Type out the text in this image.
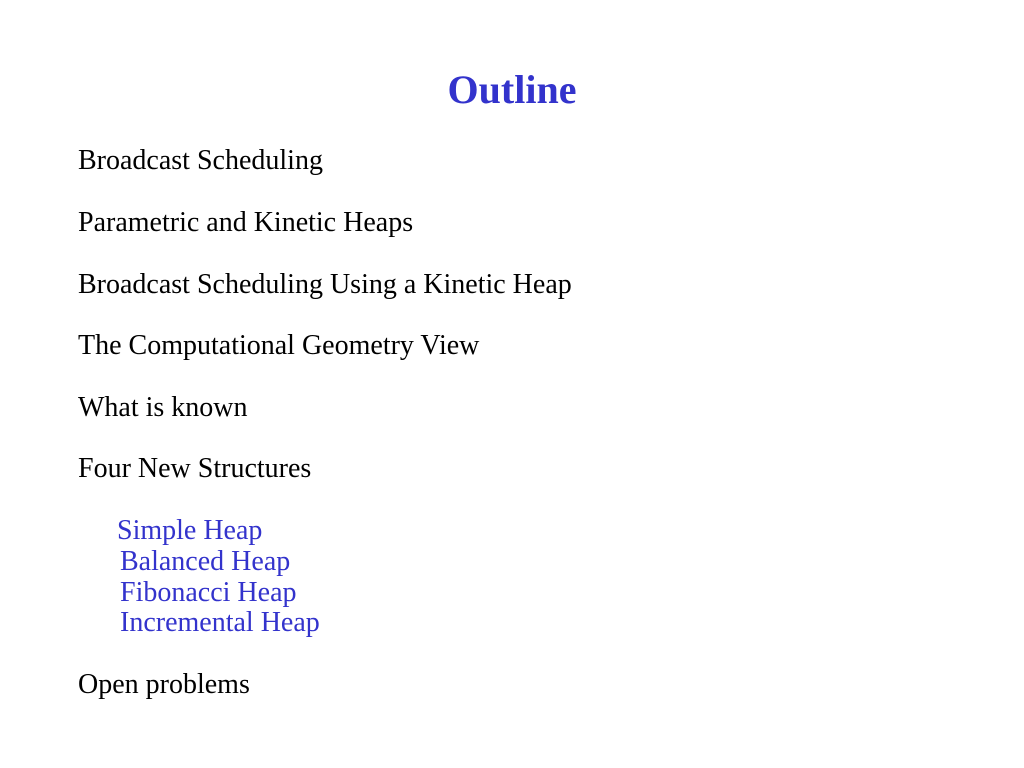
Outline
Broadcast Scheduling
Parametric and Kinetic Heaps
Broadcast Scheduling Using a Kinetic Heap
The Computational Geometry View
What is known
Four New Structures
Simple Heap
Balanced Heap
Fibonacci Heap
Incremental Heap
Open problems
